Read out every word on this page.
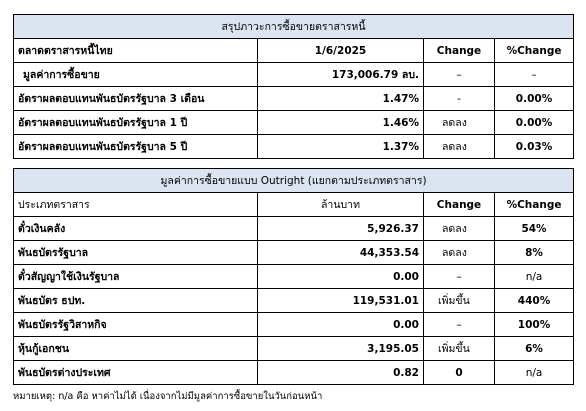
สรุปภาวะการซื้อขายตราสารหนี้			
ตลาดตราสารหนี้ไทย	1/6/2025	Change	%Change
มูลค่าการซื้อขาย	173,006.79 ลบ.	–	–
อัตราผลตอบแทนพันธบัตรรัฐบาล 3 เดือน	1.47%	-	0.00%
อัตราผลตอบแทนพันธบัตรรัฐบาล 1 ปี	1.46%	ลดลง	0.00%
อัตราผลตอบแทนพันธบัตรรัฐบาล 5 ปี	1.37%	ลดลง	0.03%
มูลค่าการซื้อขายแบบ Outright (แยกตามประเภทตราสาร)			
ประเภทตราสาร	ล้านบาท	Change	%Change
ตั๋วเงินคลัง	5,926.37	ลดลง	54%
พันธบัตรรัฐบาล	44,353.54	ลดลง	8%
ตั๋วสัญญาใช้เงินรัฐบาล	0.00	–	n/a
พันธบัตร ธปท.	119,531.01	เพิ่มขึ้น	440%
พันธบัตรรัฐวิสาหกิจ	0.00	–	100%
หุ้นกู้เอกชน	3,195.05	เพิ่มขึ้น	6%
พันธบัตรต่างประเทศ	0.82	0	n/a
หมายเหตุ: n/a คือ หาค่าไม่ได้ เนื่องจากไม่มีมูลค่าการซื้อขายในวันก่อนหน้า
